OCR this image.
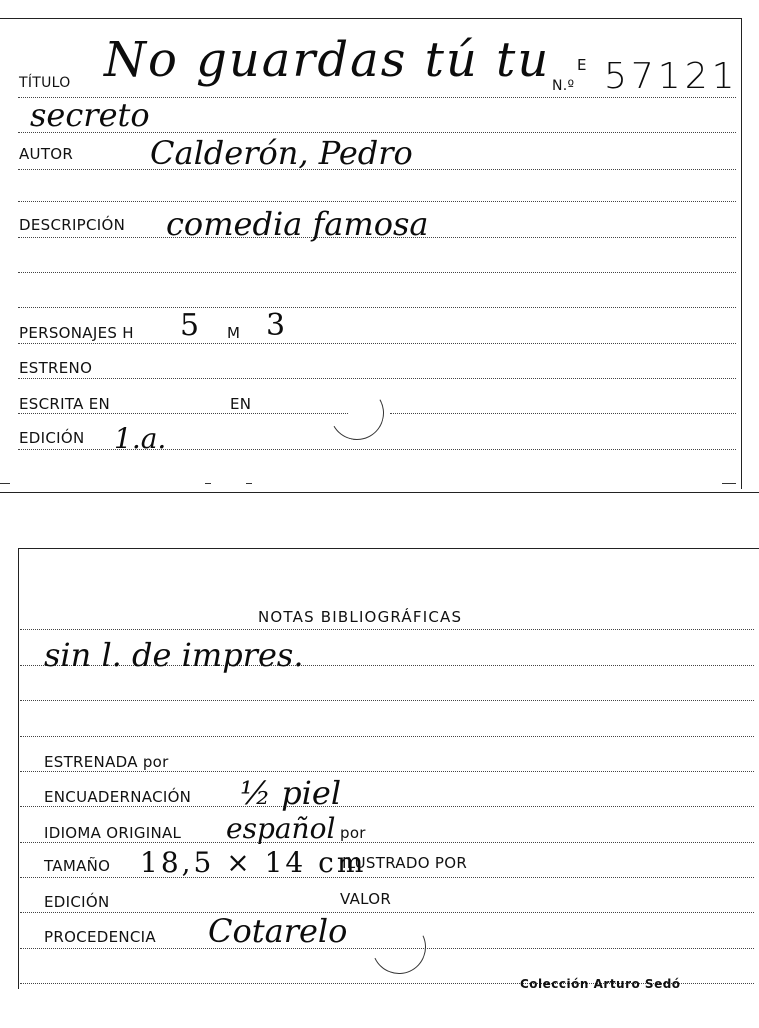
TÍTULO No guardas tú tu N.º
E 57121
secreto
AUTOR Calderón, Pedro
DESCRIPCIÓN comedia famosa
PERSONAJES H 5 M 3
ESTRENO
ESCRITA EN	EN
EDICIÓN 1.a.
NOTAS BIBLIOGRÁFICAS
sin l. de impres.
ESTRENADA por
ENCUADERNACIÓN ½ piel
IDIOMA ORIGINAL español por
TAMAÑO 18,5 × 14 cm
ILUSTRADO POR
EDICIÓN	VALOR
PROCEDENCIA Cotarelo
Colección Arturo Sedó
